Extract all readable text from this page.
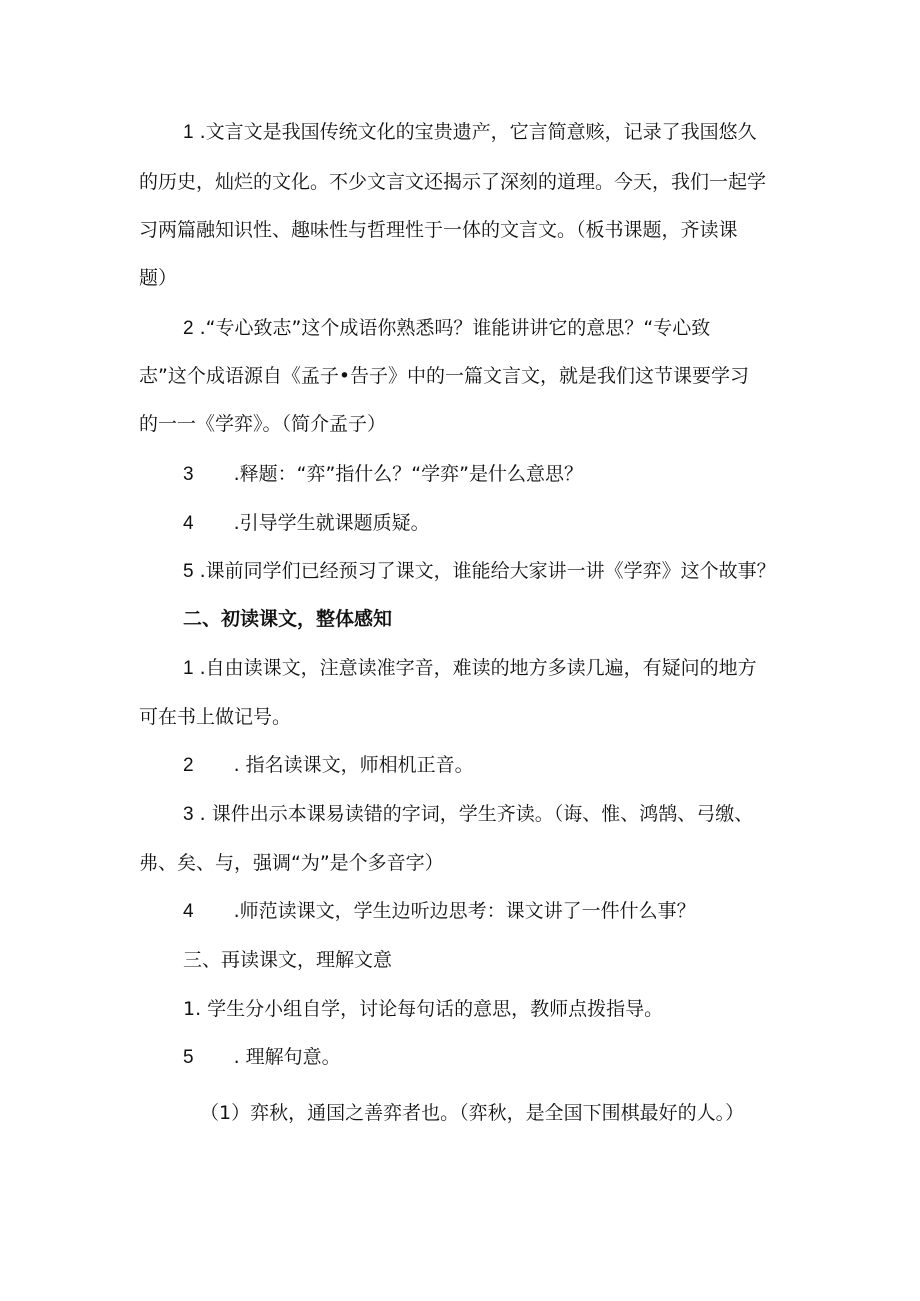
1 .文言文是我国传统文化的宝贵遗产，它言简意赅，记录了我国悠久
的历史，灿烂的文化。不少文言文还揭示了深刻的道理。今天，我们一起学
习两篇融知识性、趣味性与哲理性于一体的文言文。（板书课题，齐读课
题）
2 .“专心致志”这个成语你熟悉吗？谁能讲讲它的意思？“专心致
志”这个成语源自《孟子•告子》中的一篇文言文，就是我们这节课要学习
的一一《学弈》。（简介孟子）
3 .释题：“弈”指什么？“学弈”是什么意思？
4 .引导学生就课题质疑。
5 .课前同学们已经预习了课文，谁能给大家讲一讲《学弈》这个故事？
二、初读课文，整体感知
1 .自由读课文，注意读准字音，难读的地方多读几遍，有疑问的地方
可在书上做记号。
2 . 指名读课文，师相机正音。
3 . 课件出示本课易读错的字词，学生齐读。（诲、惟、鸿鹄、弓缴、
弗、矣、与，强调“为”是个多音字）
4 .师范读课文，学生边听边思考：课文讲了一件什么事？
三、再读课文，理解文意
1. 学生分小组自学，讨论每句话的意思，教师点拨指导。
5 . 理解句意。
（1）弈秋，通国之善弈者也。（弈秋，是全国下围棋最好的人。）
